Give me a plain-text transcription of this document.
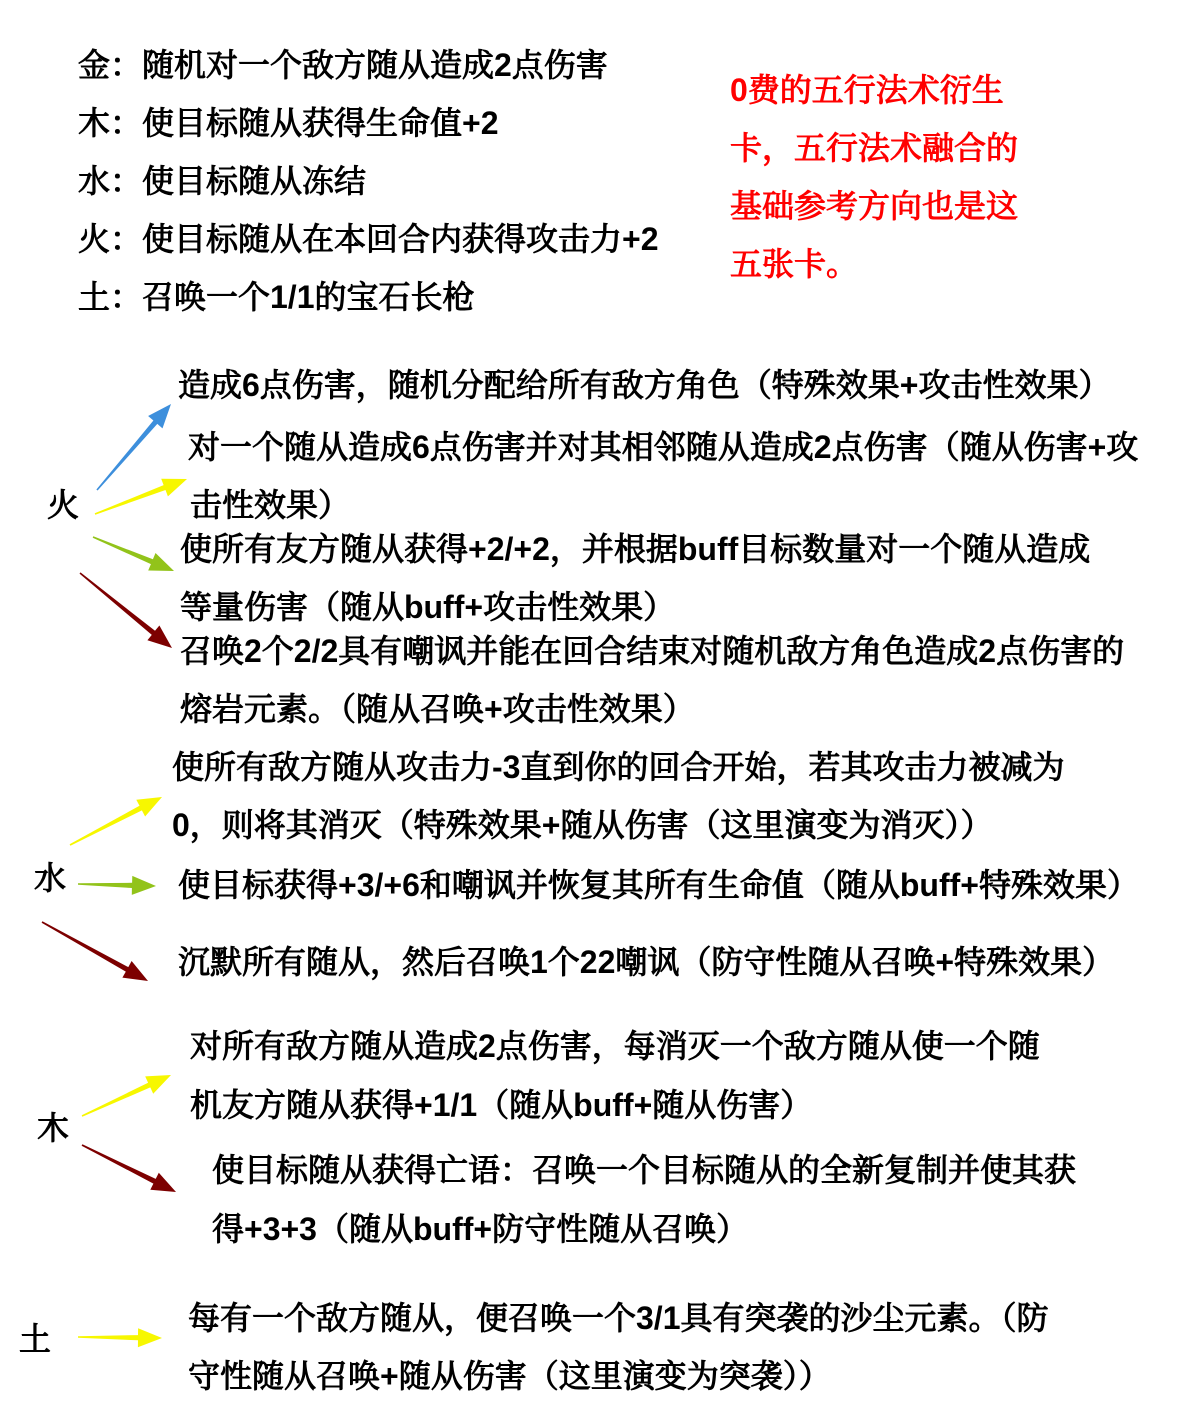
金：随机对一个敌方随从造成2点伤害
木：使目标随从获得生命值+2
水：使目标随从冻结
火：使目标随从在本回合内获得攻击力+2
土：召唤一个1/1的宝石长枪
0费的五行法术衍生
卡，五行法术融合的
基础参考方向也是这
五张卡。
火
造成6点伤害，随机分配给所有敌方角色（特殊效果+攻击性效果）
对一个随从造成6点伤害并对其相邻随从造成2点伤害（随从伤害+攻
击性效果）
使所有友方随从获得+2/+2，并根据buff目标数量对一个随从造成
等量伤害（随从buff+攻击性效果）
召唤2个2/2具有嘲讽并能在回合结束对随机敌方角色造成2点伤害的
熔岩元素。（随从召唤+攻击性效果）
水
使所有敌方随从攻击力-3直到你的回合开始，若其攻击力被减为
0，则将其消灭（特殊效果+随从伤害（这里演变为消灭））
使目标获得+3/+6和嘲讽并恢复其所有生命值（随从buff+特殊效果）
沉默所有随从，然后召唤1个22嘲讽（防守性随从召唤+特殊效果）
木
对所有敌方随从造成2点伤害，每消灭一个敌方随从使一个随
机友方随从获得+1/1（随从buff+随从伤害）
使目标随从获得亡语：召唤一个目标随从的全新复制并使其获
得+3+3（随从buff+防守性随从召唤）
土
每有一个敌方随从，便召唤一个3/1具有突袭的沙尘元素。（防
守性随从召唤+随从伤害（这里演变为突袭））
